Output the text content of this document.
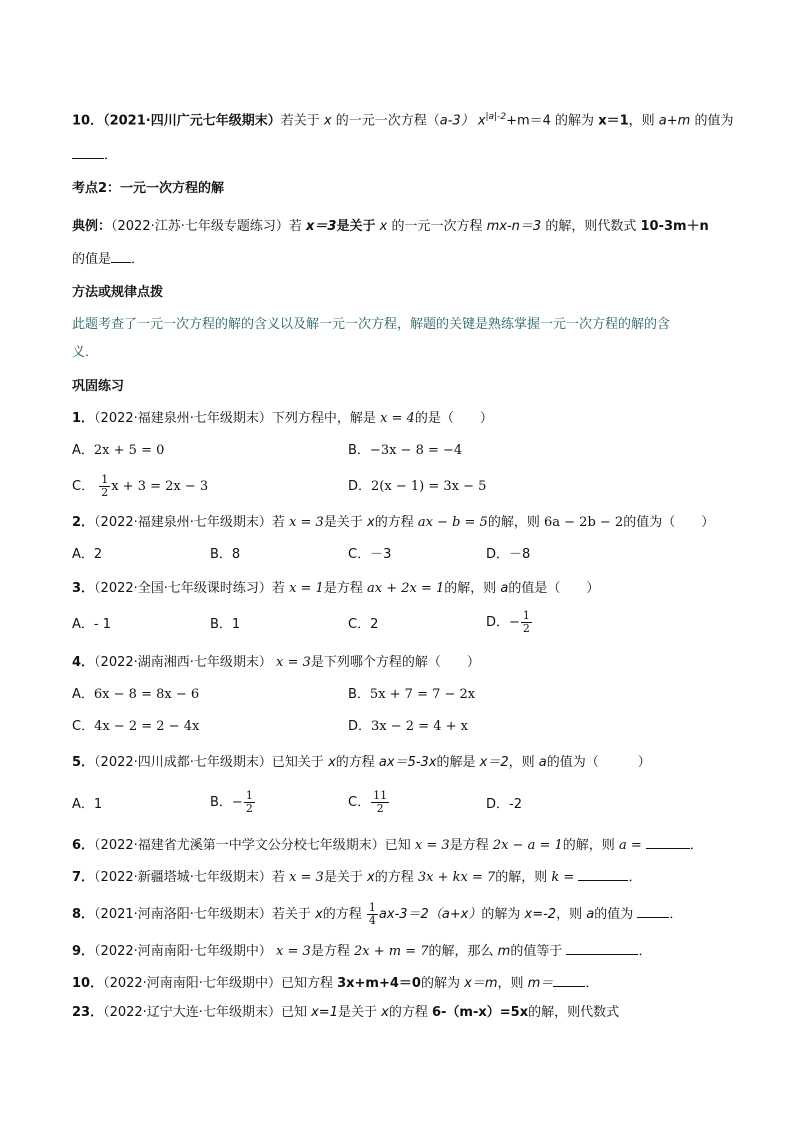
10．（2021·四川广元七年级期末）若关于 x 的一元一次方程（a-3） $x^{|a|-2}+m=4$ 的解为 x＝1，则 a+m 的值为
．
考点2：一元一次方程的解
典例：（2022·江苏·七年级专题练习）若 x＝3是关于 x 的一元一次方程 mx-n＝3 的解，则代数式 10-3m＋n
的值是 ．
方法或规律点拨
此题考查了一元一次方程的解的含义以及解一元一次方程，解题的关键是熟练掌握一元一次方程的解的含
义．
巩固练习
1．（2022·福建泉州·七年级期末）下列方程中，解是 x = 4的是（　　）
A．2x + 5 = 0	B．−3x − 8 = −4
C． $\frac{1}{2}$ x + 3 = 2x − 3	D．2(x − 1) = 3x − 5
2．（2022·福建泉州·七年级期末）若 x = 3是关于 x的方程 ax − b = 5的解，则 6a − 2b − 2的值为（　　）
A．2	B．8	C．－3	D．－8
3．（2022·全国·七年级课时练习）若 x = 1是方程 ax + 2x = 1的解，则 a的值是（　　）
A．- 1	B．1	C．2	D．− $\frac{1}{2}$
4．（2022·湖南湘西·七年级期末） x = 3是下列哪个方程的解（　　）
A．6x − 8 = 8x − 6	B．5x + 7 = 7 − 2x
C．4x − 2 = 2 − 4x	D．3x − 2 = 4 + x
5．（2022·四川成都·七年级期末）已知关于 x的方程 ax＝5-3x的解是 x＝2，则 a的值为（　　　）
A．1	B．− $\frac{1}{2}$	C． $\frac{11}{2}$	D．-2
6．（2022·福建省尤溪第一中学文公分校七年级期末）已知 x = 3是方程 2x − a = 1的解，则 a =	．
7．（2022·新疆塔城·七年级期末）若 x = 3是关于 x的方程 3x + kx = 7的解，则 k =	．
8．（2021·河南洛阳·七年级期末）若关于 x的方程 $\frac{1}{4} ax-3=2(a+x)$的解为 x=-2，则 a的值为	．
9．（2022·河南南阳·七年级期中） x = 3是方程 2x + m = 7的解，那么 m的值等于	．
10．（2022·河南南阳·七年级期中）已知方程 3x+m+4＝0的解为 x＝m，则 m＝ ．
23．（2022·辽宁大连·七年级期末）已知 x=1是关于 x的方程 6-（m-x）=5x的解，则代数式
